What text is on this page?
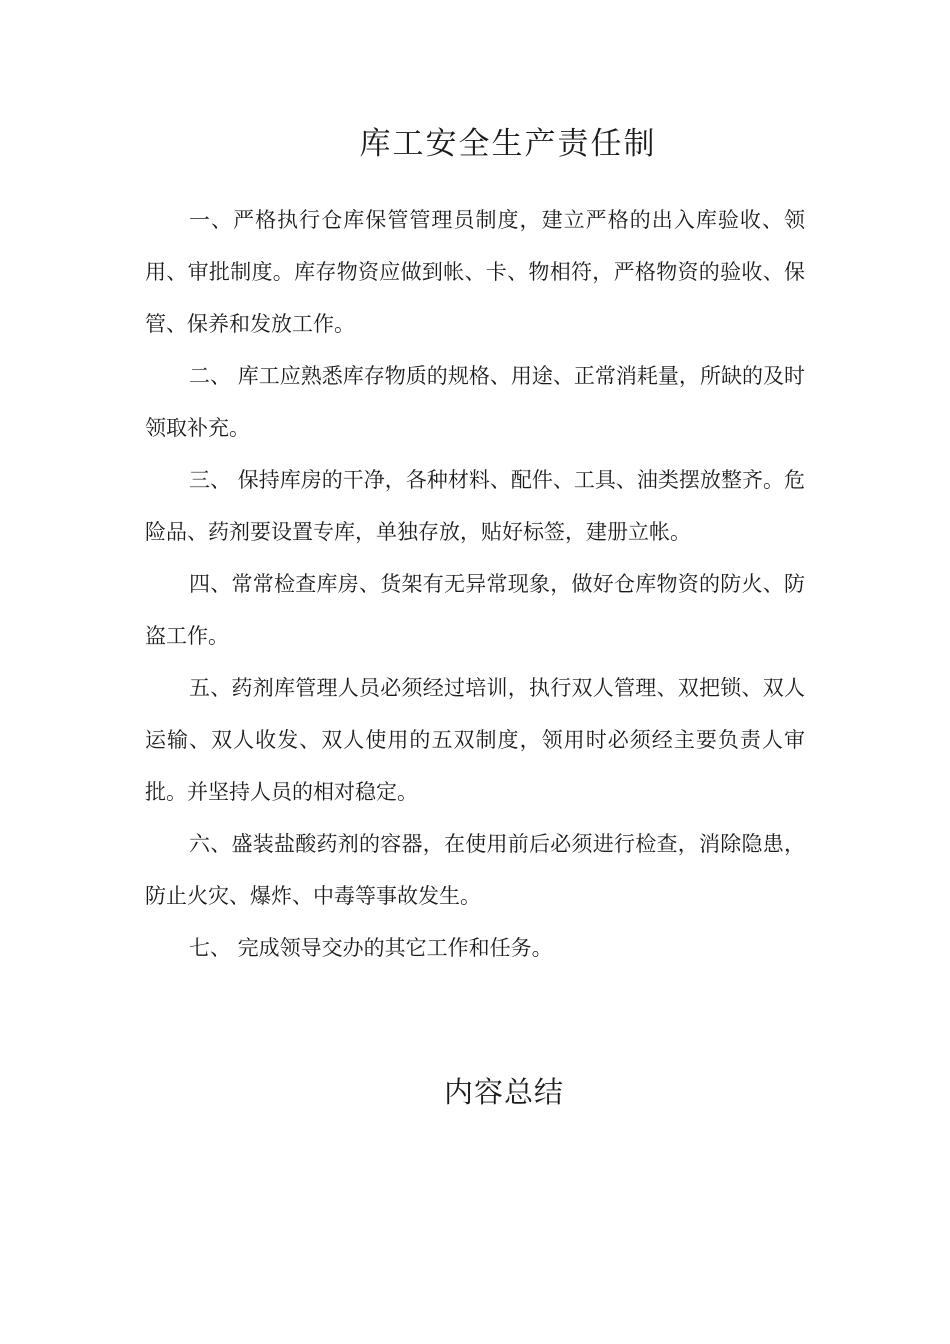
库工安全生产责任制

一、严格执行仓库保管管理员制度，建立严格的出入库验收、领用、审批制度。库存物资应做到帐、卡、物相符，严格物资的验收、保管、保养和发放工作。

二、 库工应熟悉库存物质的规格、用途、正常消耗量，所缺的及时领取补充。

三、 保持库房的干净，各种材料、配件、工具、油类摆放整齐。危险品、药剂要设置专库，单独存放，贴好标签，建册立帐。

四、常常检查库房、货架有无异常现象，做好仓库物资的防火、防盗工作。

五、药剂库管理人员必须经过培训，执行双人管理、双把锁、双人运输、双人收发、双人使用的五双制度，领用时必须经主要负责人审批。并坚持人员的相对稳定。

六、盛装盐酸药剂的容器，在使用前后必须进行检查，消除隐患，防止火灾、爆炸、中毒等事故发生。

七、 完成领导交办的其它工作和任务。

内容总结
